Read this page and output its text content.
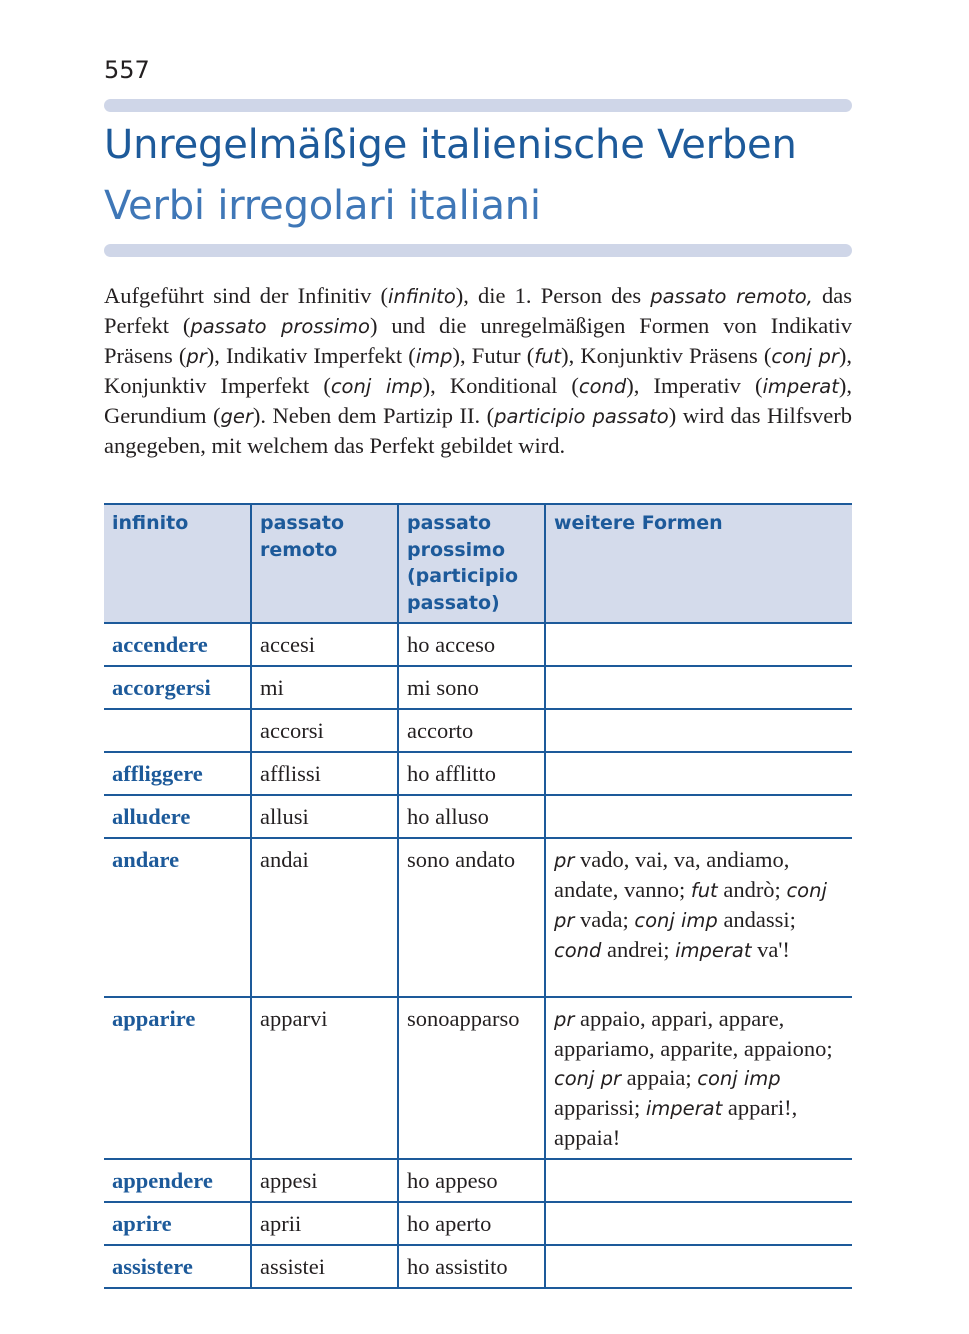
557
Unregelmäßige italienische Verben
Verbi irregolari italiani

Aufgeführt sind der Infinitiv (infinito), die 1. Person des passato remoto, das Perfekt (passato prossimo) und die unregelmäßigen Formen von Indikativ Präsens (pr), Indikativ Imperfekt (imp), Futur (fut), Konjunktiv Präsens (conj pr), Konjunktiv Imperfekt (conj imp), Konditional (cond), Imperativ (imperat), Gerundium (ger). Neben dem Partizip II. (participio passato) wird das Hilfsverb angegeben, mit welchem das Perfekt gebildet wird.

infinito	passato remoto	passato prossimo (participio passato)	weitere Formen
accendere	accesi	ho acceso	
accorgersi	mi	mi sono	
	accorsi	accorto	
affliggere	afflissi	ho afflitto	
alludere	allusi	ho alluso	
andare	andai	sono andato	pr vado, vai, va, andiamo, andate, vanno; fut andrò; conj pr vada; conj imp andassi; cond andrei; imperat va'!
apparire	apparvi	sonoapparso	pr appaio, appari, appare, appariamo, apparite, appaiono; conj pr appaia; conj imp apparissi; imperat appari!, appaia!
appendere	appesi	ho appeso	
aprire	aprii	ho aperto	
assistere	assistei	ho assistito	
